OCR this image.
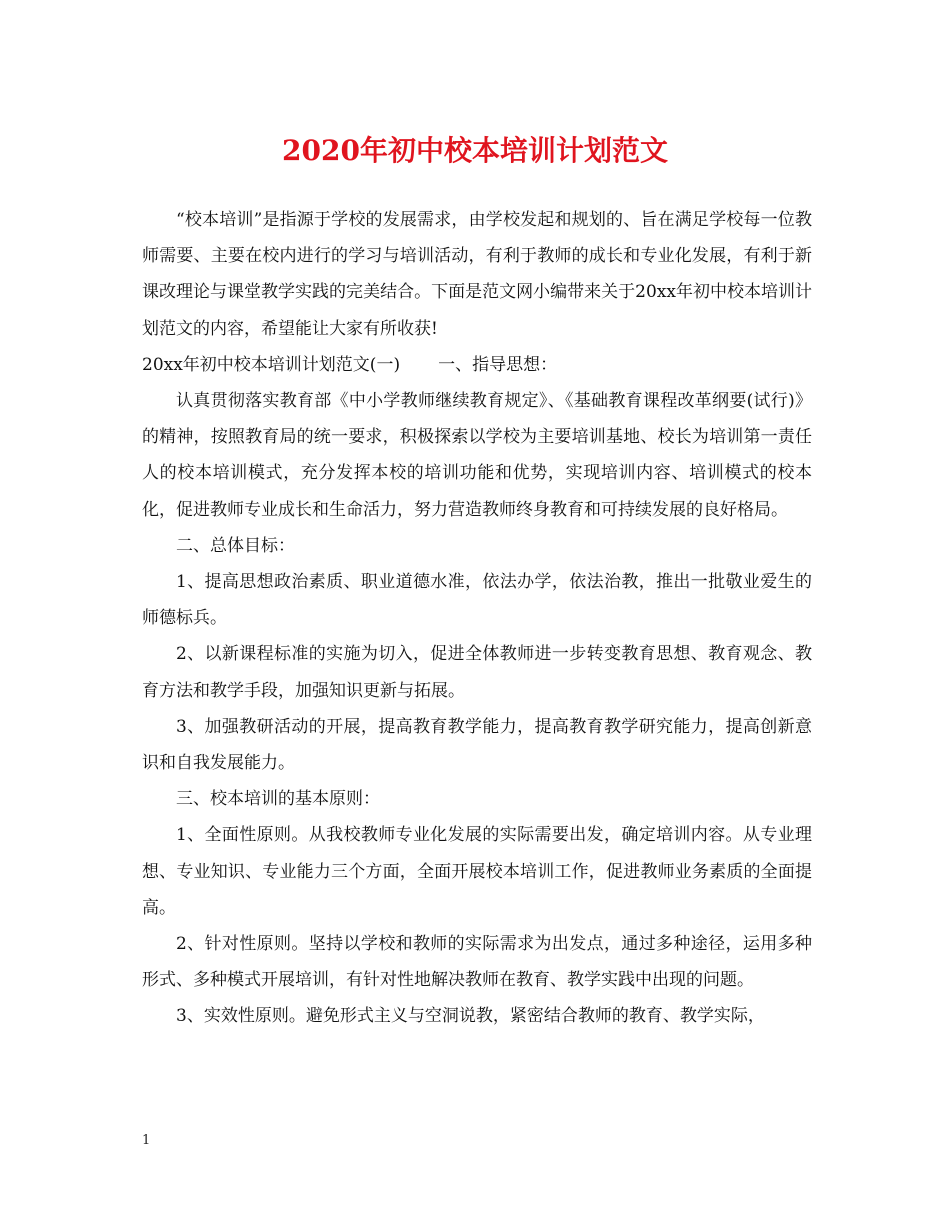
2020年初中校本培训计划范文

“校本培训”是指源于学校的发展需求，由学校发起和规划的、旨在满足学校每一位教师需要、主要在校内进行的学习与培训活动，有利于教师的成长和专业化发展，有利于新课改理论与课堂教学实践的完美结合。下面是范文网小编带来关于20xx年初中校本培训计划范文的内容，希望能让大家有所收获!

20xx年初中校本培训计划范文(一) 一、指导思想：

认真贯彻落实教育部《中小学教师继续教育规定》、《基础教育课程改革纲要(试行)》的精神，按照教育局的统一要求，积极探索以学校为主要培训基地、校长为培训第一责任人的校本培训模式，充分发挥本校的培训功能和优势，实现培训内容、培训模式的校本化，促进教师专业成长和生命活力，努力营造教师终身教育和可持续发展的良好格局。

二、总体目标：

1、提高思想政治素质、职业道德水准，依法办学，依法治教，推出一批敬业爱生的师德标兵。

2、以新课程标准的实施为切入，促进全体教师进一步转变教育思想、教育观念、教育方法和教学手段，加强知识更新与拓展。

3、加强教研活动的开展，提高教育教学能力，提高教育教学研究能力，提高创新意识和自我发展能力。

三、校本培训的基本原则：

1、全面性原则。从我校教师专业化发展的实际需要出发，确定培训内容。从专业理想、专业知识、专业能力三个方面，全面开展校本培训工作，促进教师业务素质的全面提高。

2、针对性原则。坚持以学校和教师的实际需求为出发点，通过多种途径，运用多种形式、多种模式开展培训，有针对性地解决教师在教育、教学实践中出现的问题。

3、实效性原则。避免形式主义与空洞说教，紧密结合教师的教育、教学实际，

1
